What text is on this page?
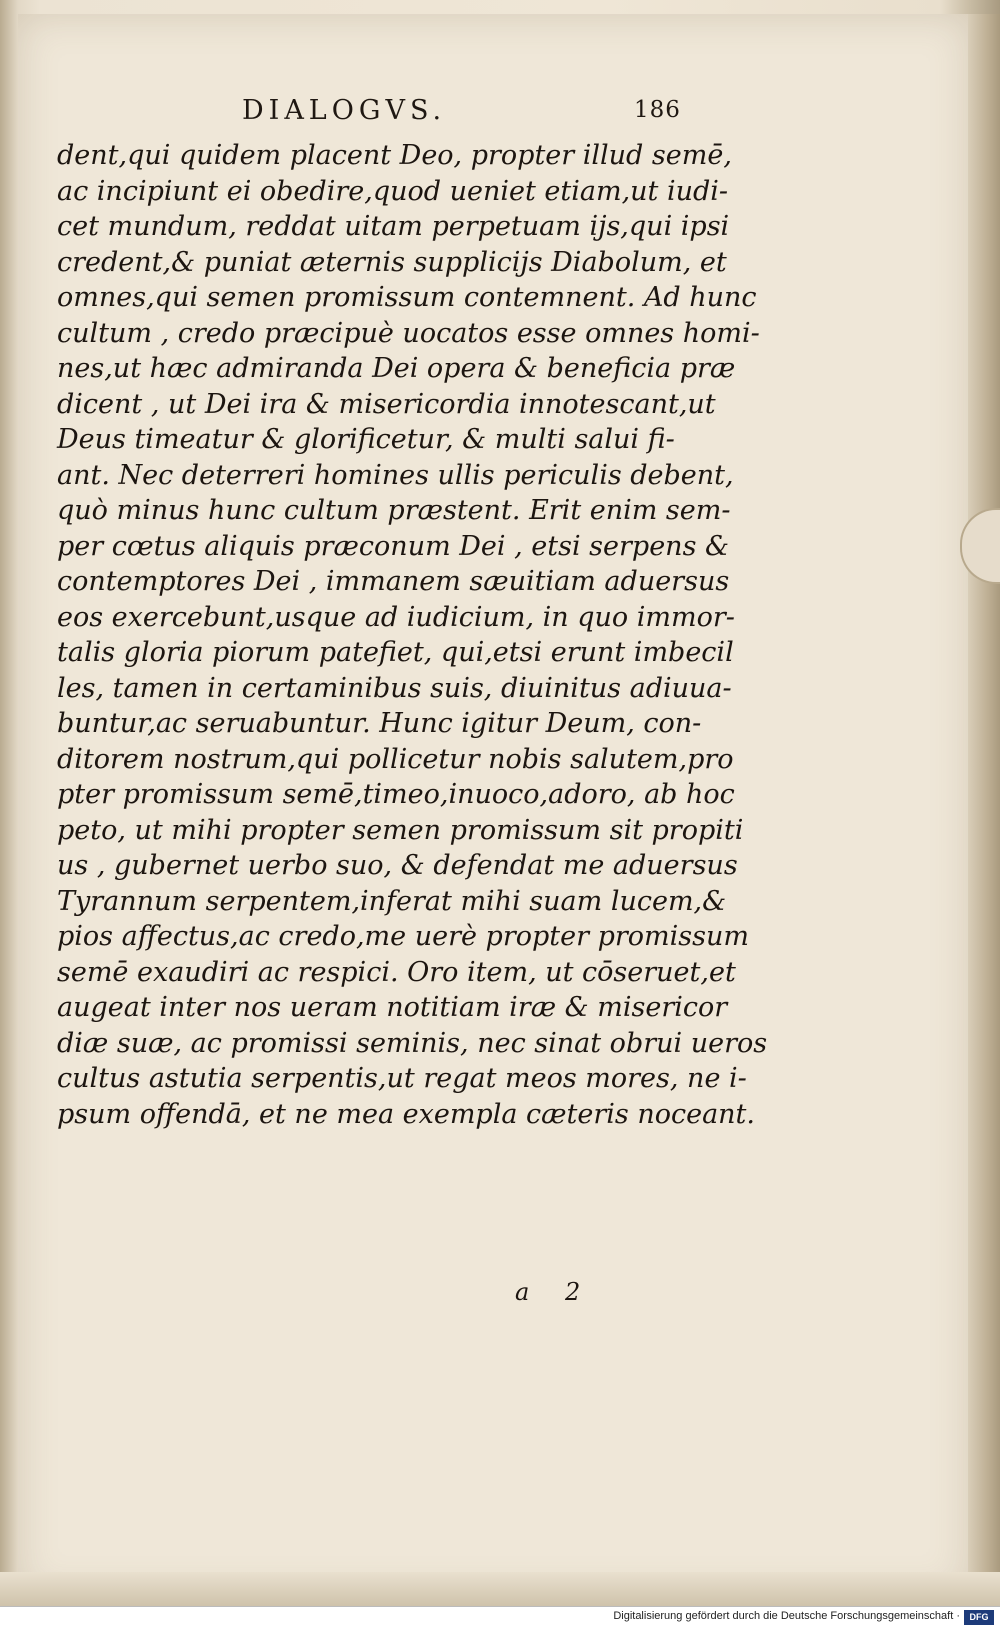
DIALOGVS.	186
dent,qui quidem placent Deo, propter illud semē,
ac incipiunt ei obedire,quod ueniet etiam,ut iudi-
cet mundum, reddat uitam perpetuam ijs,qui ipsi
credent,& puniat æternis supplicijs Diabolum, et
omnes,qui semen promissum contemnent. Ad hunc
cultum , credo præcipuè uocatos esse omnes homi-
nes,ut hæc admiranda Dei opera & beneficia præ
dicent , ut Dei ira & misericordia innotescant,ut
Deus timeatur & glorificetur, & multi salui fi-
ant. Nec deterreri homines ullis periculis debent,
quò minus hunc cultum præstent. Erit enim sem-
per cœtus aliquis præconum Dei , etsi serpens &
contemptores Dei , immanem sæuitiam aduersus
eos exercebunt,usque ad iudicium, in quo immor-
talis gloria piorum patefiet, qui,etsi erunt imbecil
les, tamen in certaminibus suis, diuinitus adiuua-
buntur,ac seruabuntur. Hunc igitur Deum, con-
ditorem nostrum,qui pollicetur nobis salutem,pro
pter promissum semē,timeo,inuoco,adoro, ab hoc
peto, ut mihi propter semen promissum sit propiti
us , gubernet uerbo suo, & defendat me aduersus
Tyrannum serpentem,inferat mihi suam lucem,&
pios affectus,ac credo,me uerè propter promissum
semē exaudiri ac respici. Oro item, ut cōseruet,et
augeat inter nos ueram notitiam iræ & misericor
diæ suæ, ac promissi seminis, nec sinat obrui ueros
cultus astutia serpentis,ut regat meos mores, ne i-
psum offendā, et ne mea exempla cæteris noceant.
a 2
Digitalisierung gefördert durch die Deutsche Forschungsgemeinschaft ·	DFG
